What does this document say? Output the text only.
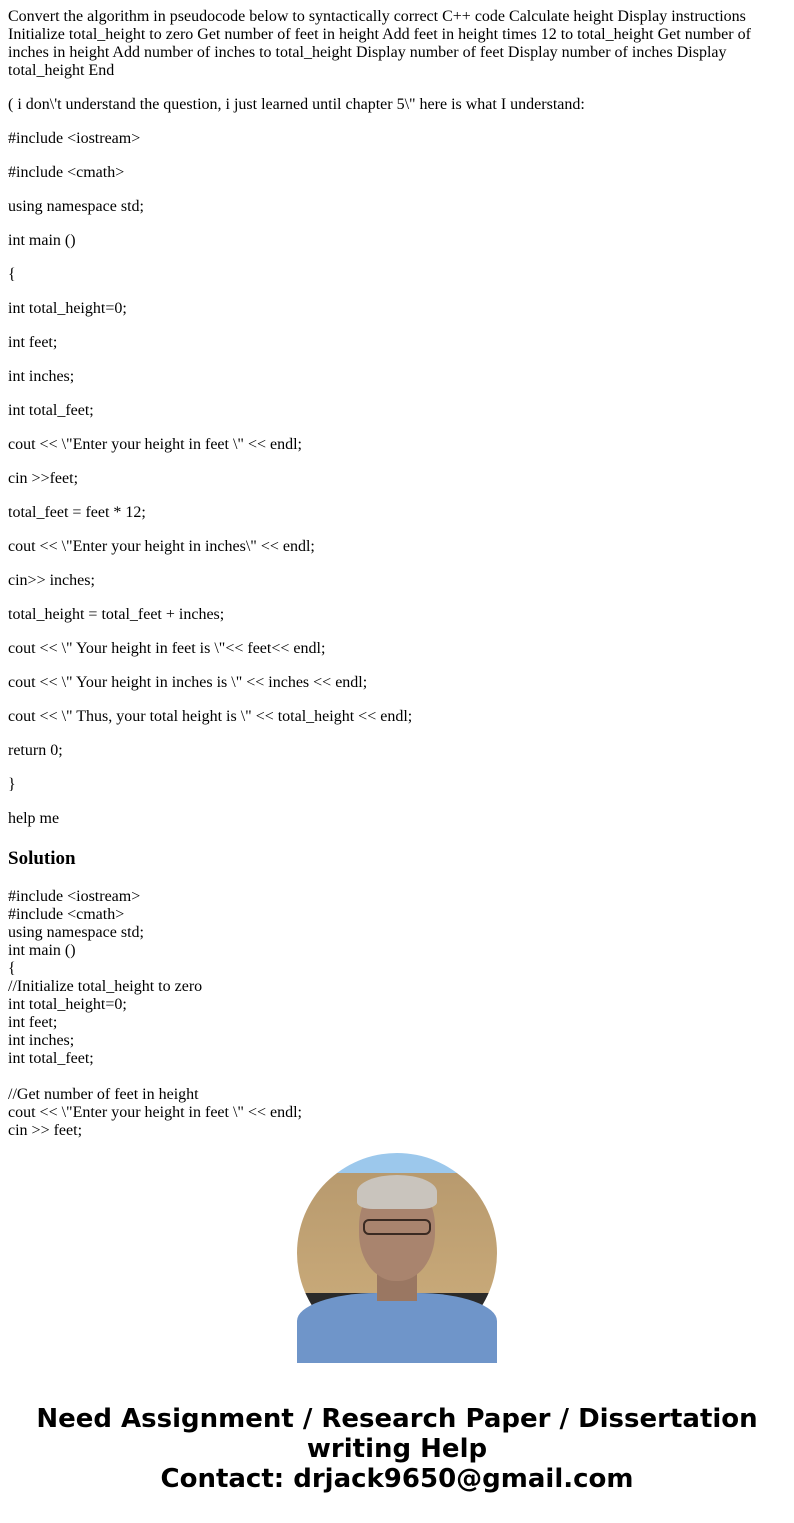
Convert the algorithm in pseudocode below to syntactically correct C++ code Calculate height Display instructions Initialize total_height to zero Get number of feet in height Add feet in height times 12 to total_height Get number of inches in height Add number of inches to total_height Display number of feet Display number of inches Display total_height End

( i don\'t understand the question, i just learned until chapter 5\" here is what I understand:

#include <iostream>

#include <cmath>

using namespace std;

int main ()

{

int total_height=0;

int feet;

int inches;

int total_feet;

cout << \"Enter your height in feet \" << endl;

cin >>feet;

total_feet = feet * 12;

cout << \"Enter your height in inches\" << endl;

cin>> inches;

total_height = total_feet + inches;

cout << \" Your height in feet is \"<< feet<< endl;

cout << \" Your height in inches is \" << inches << endl;

cout << \" Thus, your total height is \" << total_height << endl;

return 0;

}

help me

Solution
#include <iostream>
#include <cmath>
using namespace std;
int main ()
{
//Initialize total_height to zero
int total_height=0;
int feet;
int inches;
int total_feet;

//Get number of feet in height
cout << \"Enter your height in feet \" << endl;
cin >> feet;
Need Assignment / Research Paper / Dissertation
writing Help
Contact: drjack9650@gmail.com
